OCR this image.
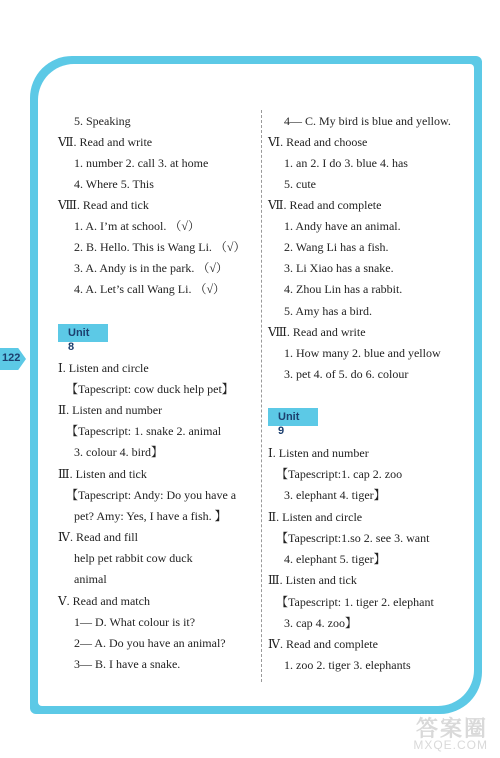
122
5. Speaking
Ⅶ. Read and write
1. number 2. call 3. at home
4. Where 5. This
Ⅷ. Read and tick
1. A. I’m at school. （√）
2. B. Hello. This is Wang Li. （√）
3. A. Andy is in the park. （√）
4. A. Let’s call Wang Li. （√）
Unit 8
Ⅰ. Listen and circle
【Tapescript: cow duck help pet】
Ⅱ. Listen and number
【Tapescript: 1. snake 2. animal
3. colour 4. bird】
Ⅲ. Listen and tick
【Tapescript: Andy: Do you have a
pet? Amy: Yes, I have a fish. 】
Ⅳ. Read and fill
help pet rabbit cow duck
animal
Ⅴ. Read and match
1— D. What colour is it?
2— A. Do you have an animal?
3— B. I have a snake.
4— C. My bird is blue and yellow.
Ⅵ. Read and choose
1. an 2. I do 3. blue 4. has
5. cute
Ⅶ. Read and complete
1. Andy have an animal.
2. Wang Li has a fish.
3. Li Xiao has a snake.
4. Zhou Lin has a rabbit.
5. Amy has a bird.
Ⅷ. Read and write
1. How many 2. blue and yellow
3. pet 4. of 5. do 6. colour
Unit 9
Ⅰ. Listen and number
【Tapescript:1. cap 2. zoo
3. elephant 4. tiger】
Ⅱ. Listen and circle
【Tapescript:1.so 2. see 3. want
4. elephant 5. tiger】
Ⅲ. Listen and tick
【Tapescript: 1. tiger 2. elephant
3. cap 4. zoo】
Ⅳ. Read and complete
1. zoo 2. tiger 3. elephants
答案圈
MXQE.COM
